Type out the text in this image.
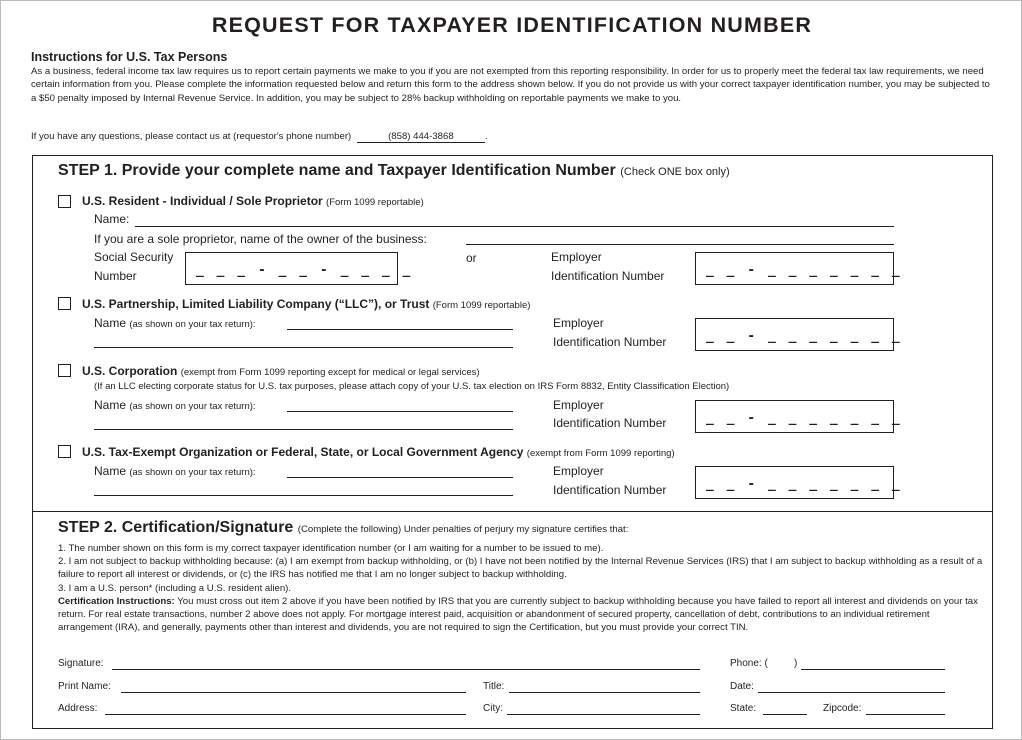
REQUEST FOR TAXPAYER IDENTIFICATION NUMBER
Instructions for U.S. Tax Persons
As a business, federal income tax law requires us to report certain payments we make to you if you are not exempted from this reporting responsibility. In order for us to properly meet the federal tax law requirements, we need certain information from you. Please complete the information requested below and return this form to the address shown below. If you do not provide us with your correct taxpayer identification number, you may be subjected to a $50 penalty imposed by Internal Revenue Service. In addition, you may be subject to 28% backup withholding on reportable payments we make to you.
If you have any questions, please contact us at (requestor's phone number)	(858) 444-3868	.
STEP 1. Provide your complete name and Taxpayer Identification Number (Check ONE box only)
U.S. Resident - Individual / Sole Proprietor (Form 1099 reportable)
Name:
If you are a sole proprietor, name of the owner of the business:
Social Security
Number	_ _ _ - _ _ - _ _ _ _
or	Employer
Identification Number	_ _ - _ _ _ _ _ _ _
U.S. Partnership, Limited Liability Company (“LLC”), or Trust (Form 1099 reportable)
Name (as shown on your tax return):	Employer
Identification Number	_ _ - _ _ _ _ _ _ _
U.S. Corporation (exempt from Form 1099 reporting except for medical or legal services)
(If an LLC electing corporate status for U.S. tax purposes, please attach copy of your U.S. tax election on IRS Form 8832, Entity Classification Election)
Name (as shown on your tax return):	Employer
Identification Number	_ _ - _ _ _ _ _ _ _
U.S. Tax-Exempt Organization or Federal, State, or Local Government Agency (exempt from Form 1099 reporting)
Name (as shown on your tax return):	Employer
Identification Number	_ _ - _ _ _ _ _ _ _
STEP 2. Certification/Signature (Complete the following) Under penalties of perjury my signature certifies that:
1. The number shown on this form is my correct taxpayer identification number (or I am waiting for a number to be issued to me).
2. I am not subject to backup withholding because: (a) I am exempt from backup withholding, or (b) I have not been notified by the Internal Revenue Services (IRS) that I am subject to backup withholding as a result of a failure to report all interest or dividends, or (c) the IRS has notified me that I am no longer subject to backup withholding.
3. I am a U.S. person* (including a U.S. resident alien).
Certification Instructions: You must cross out item 2 above if you have been notified by IRS that you are currently subject to backup withholding because you have failed to report all interest and dividends on your tax return. For real estate transactions, number 2 above does not apply. For mortgage interest paid, acquisition or abandonment of secured property, cancellation of debt, contributions to an individual retirement arrangement (IRA), and generally, payments other than interest and dividends, you are not required to sign the Certification, but you must provide your correct TIN.
Signature:	Phone: (	)
Print Name:	Title:	Date:
Address:	City:	State:	Zipcode:
